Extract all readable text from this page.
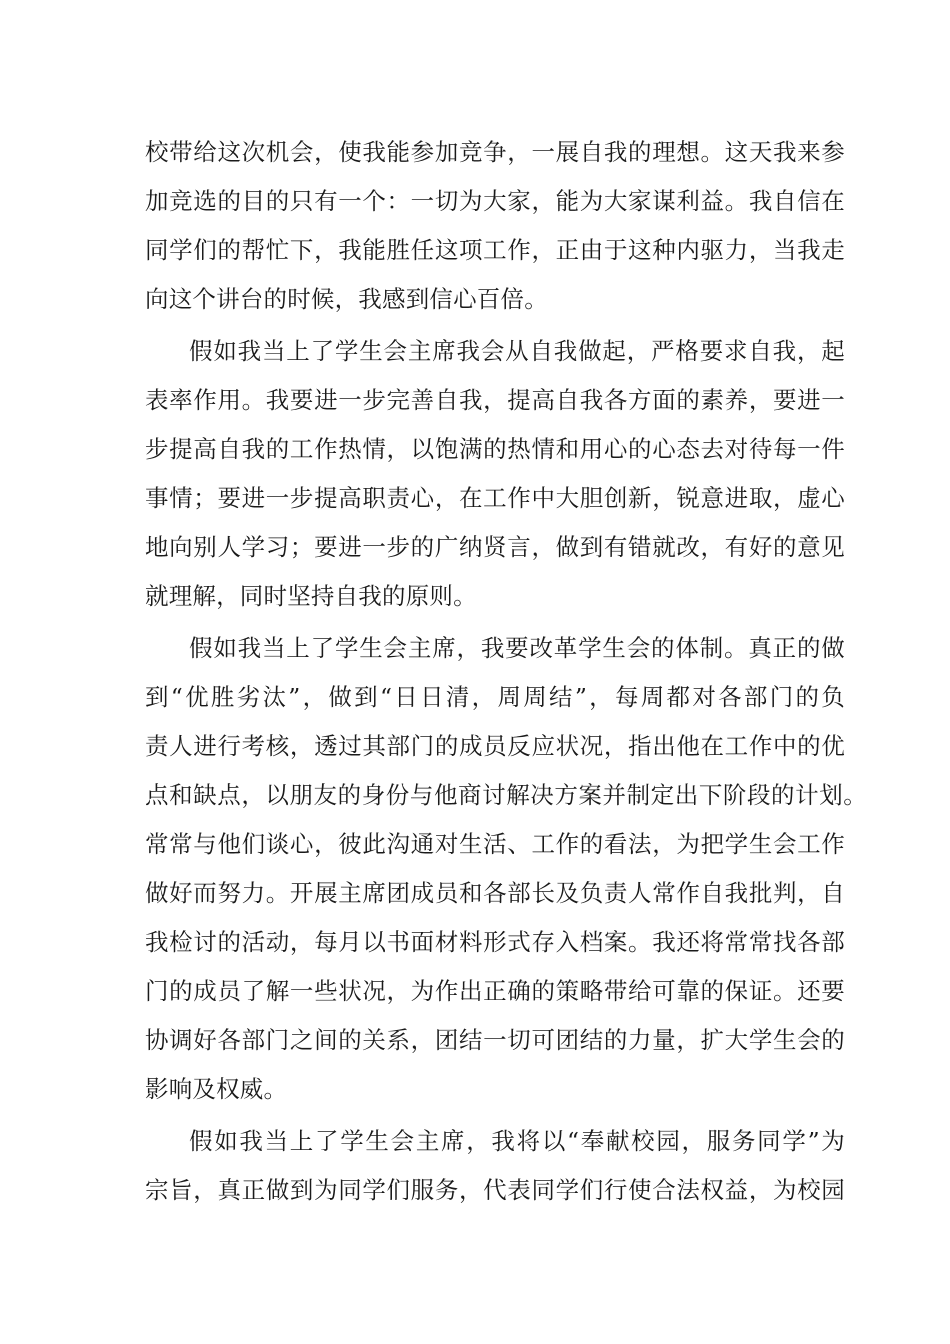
校带给这次机会，使我能参加竞争，一展自我的理想。这天我来参
加竞选的目的只有一个：一切为大家，能为大家谋利益。我自信在
同学们的帮忙下，我能胜任这项工作，正由于这种内驱力，当我走
向这个讲台的时候，我感到信心百倍。
假如我当上了学生会主席我会从自我做起，严格要求自我，起
表率作用。我要进一步完善自我，提高自我各方面的素养，要进一
步提高自我的工作热情，以饱满的热情和用心的心态去对待每一件
事情；要进一步提高职责心，在工作中大胆创新，锐意进取，虚心
地向别人学习；要进一步的广纳贤言，做到有错就改，有好的意见
就理解，同时坚持自我的原则。
假如我当上了学生会主席，我要改革学生会的体制。真正的做
到“优胜劣汰”，做到“日日清，周周结”，每周都对各部门的负
责人进行考核，透过其部门的成员反应状况，指出他在工作中的优
点和缺点，以朋友的身份与他商讨解决方案并制定出下阶段的计划。
常常与他们谈心，彼此沟通对生活、工作的看法，为把学生会工作
做好而努力。开展主席团成员和各部长及负责人常作自我批判，自
我检讨的活动，每月以书面材料形式存入档案。我还将常常找各部
门的成员了解一些状况，为作出正确的策略带给可靠的保证。还要
协调好各部门之间的关系，团结一切可团结的力量，扩大学生会的
影响及权威。
假如我当上了学生会主席，我将以“奉献校园，服务同学”为
宗旨，真正做到为同学们服务，代表同学们行使合法权益，为校园
